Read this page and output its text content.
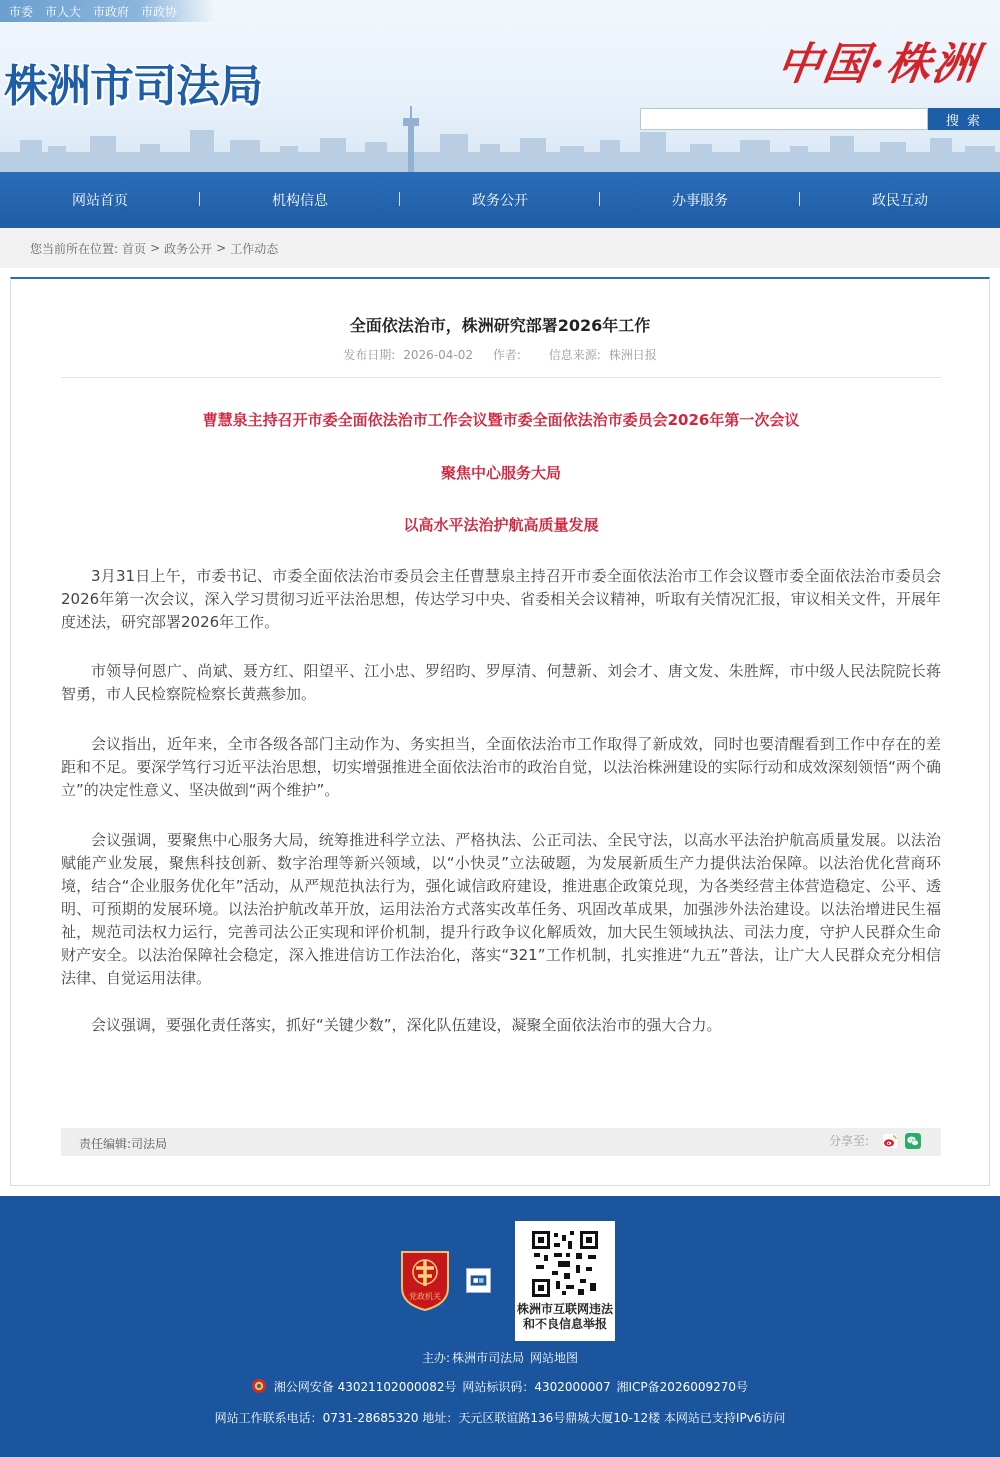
市委 市人大 市政府 市政协
株洲市司法局	中国·株洲
搜 索
网站首页	机构信息	政务公开	办事服务	政民互动
您当前所在位置: 首页 > 政务公开 > 工作动态
全面依法治市，株洲研究部署2026年工作
发布日期: 2026-04-02 作者: 信息来源: 株洲日报
曹慧泉主持召开市委全面依法治市工作会议暨市委全面依法治市委员会2026年第一次会议
聚焦中心服务大局
以高水平法治护航高质量发展

3月31日上午，市委书记、市委全面依法治市委员会主任曹慧泉主持召开市委全面依法治市工作会议暨市委全面依法治市委员会2026年第一次会议，深入学习贯彻习近平法治思想，传达学习中央、省委相关会议精神，听取有关情况汇报，审议相关文件，开展年度述法，研究部署2026年工作。

市领导何恩广、尚斌、聂方红、阳望平、江小忠、罗绍昀、罗厚清、何慧新、刘会才、唐文发、朱胜辉，市中级人民法院院长蒋智勇，市人民检察院检察长黄燕参加。

会议指出，近年来，全市各级各部门主动作为、务实担当，全面依法治市工作取得了新成效，同时也要清醒看到工作中存在的差距和不足。要深学笃行习近平法治思想，切实增强推进全面依法治市的政治自觉，以法治株洲建设的实际行动和成效深刻领悟“两个确立”的决定性意义、坚决做到“两个维护”。

会议强调，要聚焦中心服务大局，统筹推进科学立法、严格执法、公正司法、全民守法，以高水平法治护航高质量发展。以法治赋能产业发展，聚焦科技创新、数字治理等新兴领域，以“小快灵”立法破题，为发展新质生产力提供法治保障。以法治优化营商环境，结合“企业服务优化年”活动，从严规范执法行为，强化诚信政府建设，推进惠企政策兑现，为各类经营主体营造稳定、公平、透明、可预期的发展环境。以法治护航改革开放，运用法治方式落实改革任务、巩固改革成果，加强涉外法治建设。以法治增进民生福祉，规范司法权力运行，完善司法公正实现和评价机制，提升行政争议化解质效，加大民生领域执法、司法力度，守护人民群众生命财产安全。以法治保障社会稳定，深入推进信访工作法治化，落实“321”工作机制，扎实推进“九五”普法，让广大人民群众充分相信法律、自觉运用法律。

会议强调，要强化责任落实，抓好“关键少数”，深化队伍建设，凝聚全面依法治市的强大合力。

责任编辑:司法局	分享至:
党政机关
株洲市互联网违法
和不良信息举报
主办: 株洲市司法局 网站地图
湘公网安备 43021102000082号 网站标识码：4302000007 湘ICP备2026009270号
网站工作联系电话：0731-28685320 地址：天元区联谊路136号鼎城大厦10-12楼 本网站已支持IPv6访问
